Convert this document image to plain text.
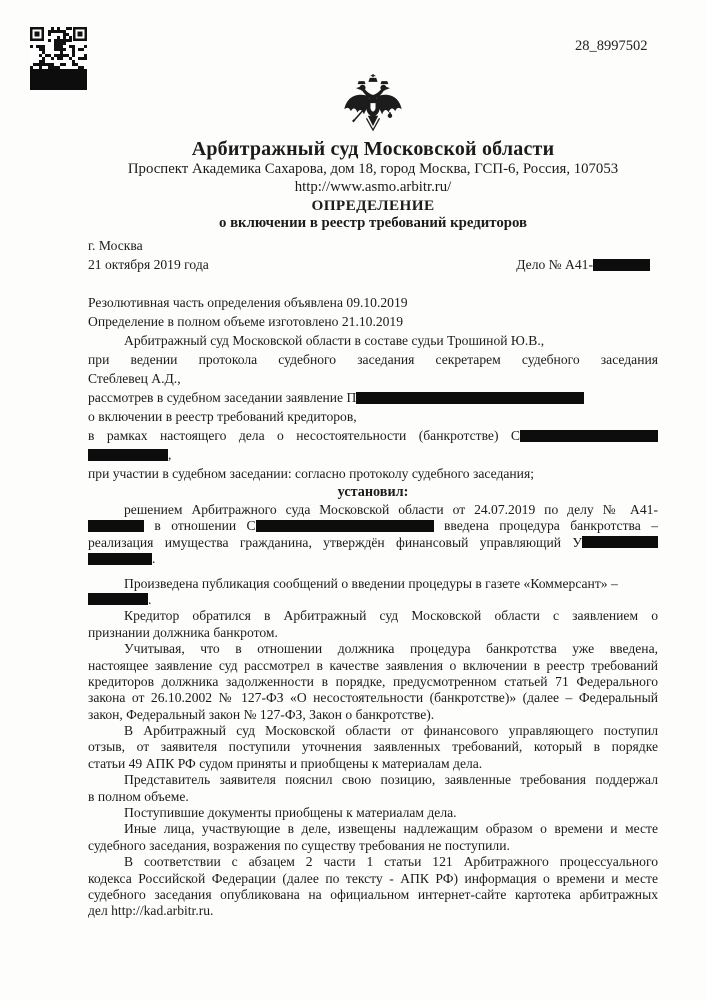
28_8997502
Арбитражный суд Московской области
Проспект Академика Сахарова, дом 18, город Москва, ГСП-6, Россия, 107053
http://www.asmo.arbitr.ru/
ОПРЕДЕЛЕНИЕ
о включении в реестр требований кредиторов
г. Москва
21 октября 2019 года	Дело № А41-
Резолютивная часть определения объявлена 09.10.2019
Определение в полном объеме изготовлено 21.10.2019
Арбитражный суд Московской области в составе судьи Трошиной Ю.В.,
при ведении протокола судебного заседания секретарем судебного заседания
Стеблевец А.Д.,
рассмотрев в судебном заседании заявление П
о включении в реестр требований кредиторов,
в рамках настоящего дела о несостоятельности (банкротстве) С
,
при участии в судебном заседании: согласно протоколу судебного заседания;
установил:
решением Арбитражного суда Московской области от 24.07.2019 по делу № А41-
в отношении С	введена процедура банкротства –
реализация имущества гражданина, утверждён финансовый управляющий У
.
Произведена публикация сообщений о введении процедуры в газете «Коммерсант» –
.
Кредитор обратился в Арбитражный суд Московской области с заявлением о
признании должника банкротом.
Учитывая, что в отношении должника процедура банкротства уже введена,
настоящее заявление суд рассмотрел в качестве заявления о включении в реестр требований
кредиторов должника задолженности в порядке, предусмотренном статьей 71 Федерального
закона от 26.10.2002 № 127-ФЗ «О несостоятельности (банкротстве)» (далее – Федеральный
закон, Федеральный закон № 127-ФЗ, Закон о банкротстве).
В Арбитражный суд Московской области от финансового управляющего поступил
отзыв, от заявителя поступили уточнения заявленных требований, который в порядке
статьи 49 АПК РФ судом приняты и приобщены к материалам дела.
Представитель заявителя пояснил свою позицию, заявленные требования поддержал
в полном объеме.
Поступившие документы приобщены к материалам дела.
Иные лица, участвующие в деле, извещены надлежащим образом о времени и месте
судебного заседания, возражения по существу требования не поступили.
В соответствии с абзацем 2 части 1 статьи 121 Арбитражного процессуального
кодекса Российской Федерации (далее по тексту - АПК РФ) информация о времени и месте
судебного заседания опубликована на официальном интернет-сайте картотека арбитражных
дел http://kad.arbitr.ru.
